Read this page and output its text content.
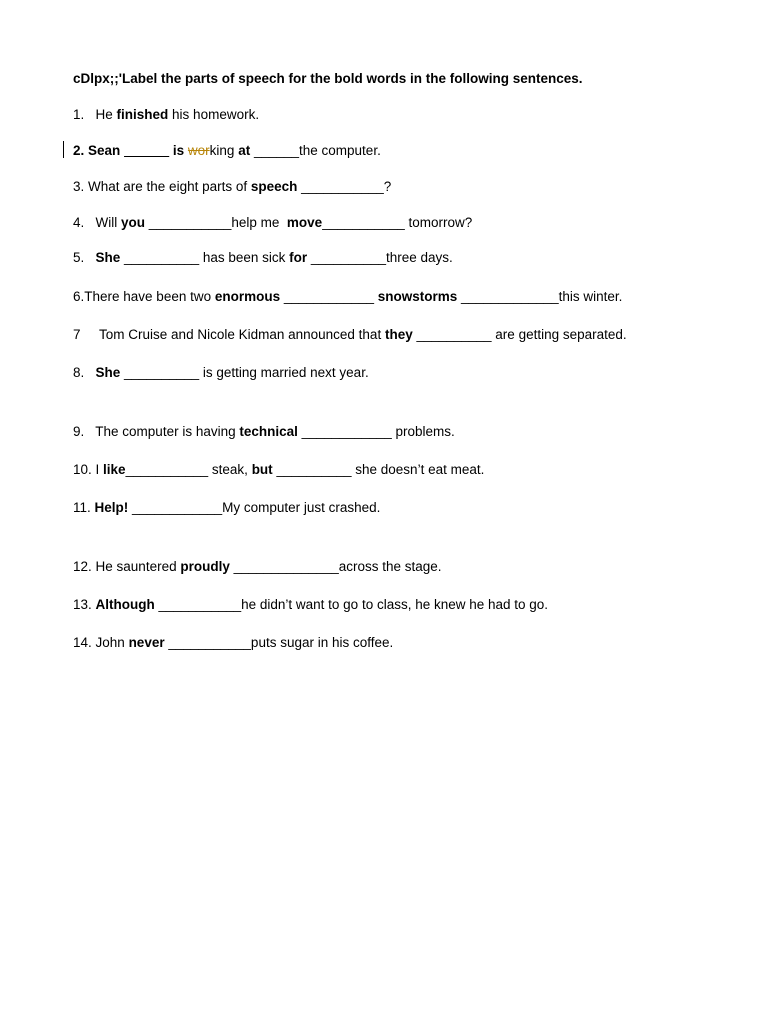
cDlpx;;'Label the parts of speech for the bold words in the following sentences.
1.   He finished his homework.
2. Sean ______ is working at ______the computer.
3. What are the eight parts of speech ___________?
4.   Will you ___________help me  move___________ tomorrow?
5.   She __________ has been sick for __________three days.
6.There have been two enormous ____________ snowstorms _____________this winter.
7     Tom Cruise and Nicole Kidman announced that they __________ are getting separated.
8.   She __________ is getting married next year.
9.   The computer is having technical ____________ problems.
10. I like___________ steak, but __________ she doesn’t eat meat.
11. Help! ____________My computer just crashed.
12. He sauntered proudly ______________across the stage.
13. Although ___________he didn’t want to go to class, he knew he had to go.
14. John never ___________puts sugar in his coffee.
